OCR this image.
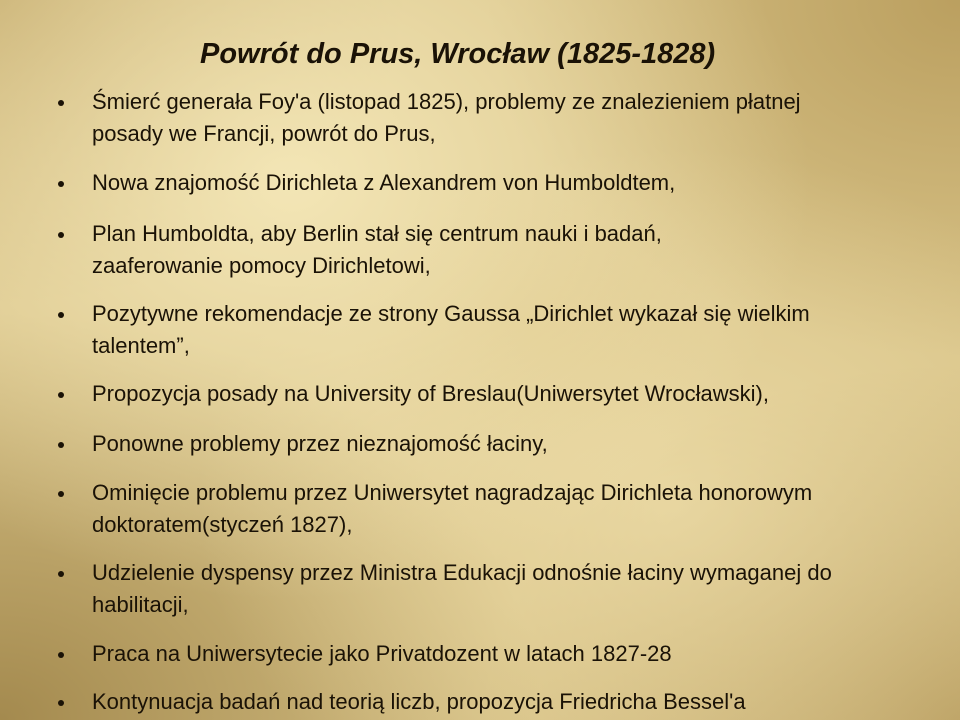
Powrót do Prus, Wrocław (1825-1828)
Śmierć generała Foy'a (listopad 1825), problemy ze znalezieniem płatnej posady we Francji, powrót do Prus,
Nowa znajomość Dirichleta z Alexandrem von Humboldtem,
Plan Humboldta, aby Berlin stał się centrum nauki i badań, zaaferowanie pomocy Dirichletowi,
Pozytywne rekomendacje ze strony Gaussa „Dirichlet wykazał się wielkim talentem”,
Propozycja posady na University of Breslau(Uniwersytet Wrocławski),
Ponowne problemy przez nieznajomość łaciny,
Ominięcie problemu przez Uniwersytet nagradzając Dirichleta honorowym doktoratem(styczeń 1827),
Udzielenie dyspensy przez Ministra Edukacji odnośnie łaciny wymaganej do habilitacji,
Praca na Uniwersytecie jako Privatdozent w latach 1827-28
Kontynuacja badań nad teorią liczb, propozycja Friedricha Bessel'a
